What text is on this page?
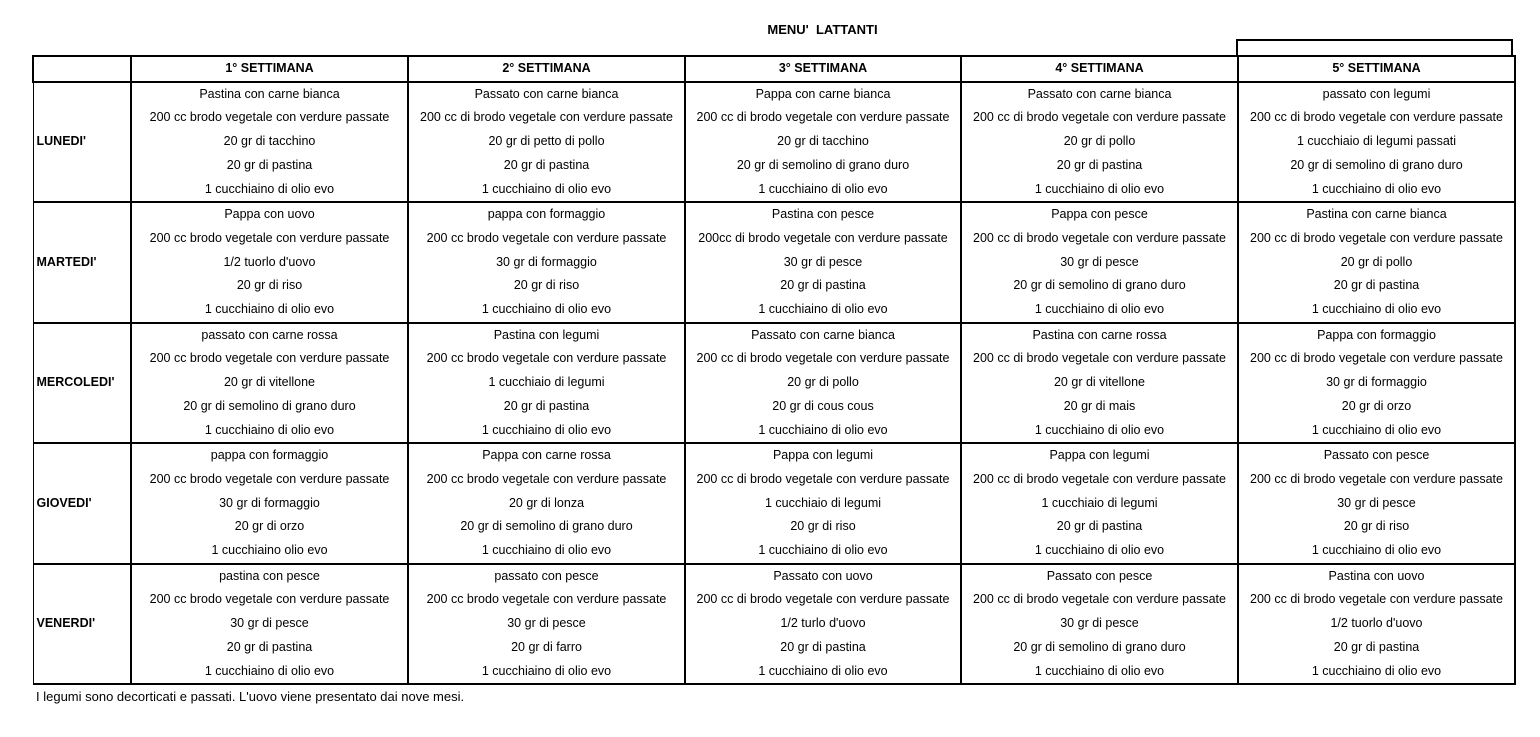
MENU'  LATTANTI
	1° SETTIMANA	2° SETTIMANA	3° SETTIMANA	4° SETTIMANA	5° SETTIMANA
	Pastina con carne bianca	Passato con carne bianca	Pappa con carne bianca	Passato con carne bianca	passato con legumi
	200 cc brodo vegetale con verdure passate	200 cc di brodo vegetale con verdure passate	200 cc di brodo vegetale con verdure passate	200 cc di brodo vegetale con verdure passate	200 cc di brodo vegetale con verdure passate
LUNEDI'	20 gr di tacchino	20 gr di petto di pollo	20 gr di tacchino	20 gr di pollo	1 cucchiaio di legumi passati
	20 gr di pastina	20 gr di pastina	20 gr di semolino di grano duro	20 gr di pastina	20 gr di semolino di grano duro
	1 cucchiaino di olio evo	1 cucchiaino di olio evo	1 cucchiaino di olio evo	1 cucchiaino di olio evo	1 cucchiaino di olio evo
	Pappa con uovo	pappa con formaggio	Pastina con pesce	Pappa con pesce	Pastina con carne bianca
	200 cc brodo vegetale con verdure passate	200 cc brodo vegetale con verdure passate	200cc di brodo vegetale con verdure passate	200 cc di brodo vegetale con verdure passate	200 cc di brodo vegetale con verdure passate
MARTEDI'	1/2 tuorlo d'uovo	30 gr di formaggio	30 gr di pesce	30 gr di pesce	20 gr di pollo
	20 gr di riso	20 gr di riso	20 gr di pastina	20 gr di semolino di grano duro	20 gr di pastina
	1 cucchiaino di olio evo	1 cucchiaino di olio evo	1 cucchiaino di olio evo	1 cucchiaino di olio evo	1 cucchiaino di olio evo
	passato con carne rossa	Pastina con legumi	Passato con carne bianca	Pastina con carne rossa	Pappa con formaggio
	200 cc brodo vegetale con verdure passate	200 cc brodo vegetale con verdure passate	200 cc di brodo vegetale con verdure passate	200 cc di brodo vegetale con verdure passate	200 cc di brodo vegetale con verdure passate
MERCOLEDI'	20 gr di vitellone	1 cucchiaio di legumi	20 gr di pollo	20 gr di vitellone	30 gr di formaggio
	20 gr di semolino di grano duro	20 gr di pastina	20 gr di cous cous	20 gr di mais	20 gr di orzo
	1 cucchiaino di olio evo	1 cucchiaino di olio evo	1 cucchiaino di olio evo	1 cucchiaino di olio evo	1 cucchiaino di olio evo
	pappa con formaggio	Pappa con carne rossa	Pappa con legumi	Pappa con legumi	Passato con pesce
	200 cc brodo vegetale con verdure passate	200 cc brodo vegetale con verdure passate	200 cc di brodo vegetale con verdure passate	200 cc di brodo vegetale con verdure passate	200 cc di brodo vegetale con verdure passate
GIOVEDI'	30 gr di formaggio	20 gr di lonza	1 cucchiaio di legumi	1 cucchiaio di legumi	30 gr di pesce
	20 gr di orzo	20 gr di semolino di grano duro	20 gr di riso	20 gr di pastina	20 gr di riso
	1 cucchiaino olio evo	1 cucchiaino di olio evo	1 cucchiaino di olio evo	1 cucchiaino di olio evo	1 cucchiaino di olio evo
	pastina con pesce	passato con pesce	Passato con uovo	Passato con pesce	Pastina con uovo
	200 cc brodo vegetale con verdure passate	200 cc brodo vegetale con verdure passate	200 cc di brodo vegetale con verdure passate	200 cc di brodo vegetale con verdure passate	200 cc di brodo vegetale con verdure passate
VENERDI'	30 gr di pesce	30 gr di pesce	1/2 turlo d'uovo	30 gr di pesce	1/2 tuorlo d'uovo
	20 gr di pastina	20 gr di farro	20 gr di pastina	20 gr di semolino di grano duro	20 gr di pastina
	1 cucchiaino di olio evo	1 cucchiaino di olio evo	1 cucchiaino di olio evo	1 cucchiaino di olio evo	1 cucchiaino di olio evo
I legumi sono decorticati e passati. L'uovo viene presentato dai nove mesi.
